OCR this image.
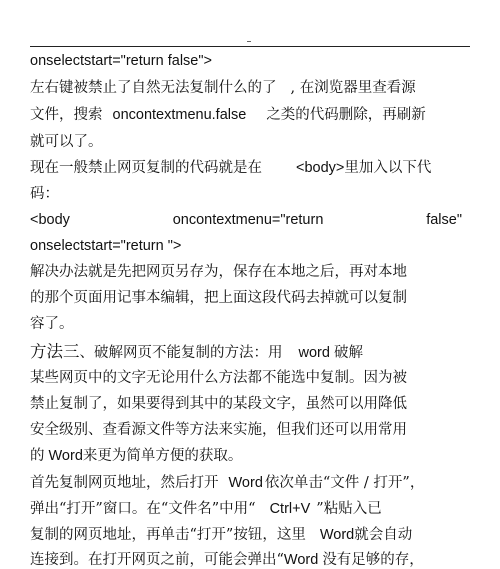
onselectstart="return false">
左右键被禁止了自然无法复制什么的了 , 在浏览器里查看源
文件，搜索 oncontextmenu.false 之类的代码删除，再刷新
就可以了。
现在一般禁止网页复制的代码就是在 <body>里加入以下代
码：
<body	oncontextmenu="return	false"
onselectstart="return ">
解决办法就是先把网页另存为，保存在本地之后，再对本地
的那个页面用记事本编辑，把上面这段代码去掉就可以复制
容了。
方法三、破解网页不能复制的方法：用 word 破解
某些网页中的文字无论用什么方法都不能选中复制。因为被
禁止复制了，如果要得到其中的某段文字，虽然可以用降低
安全级别、查看源文件等方法来实施，但我们还可以用常用
的 Word来更为简单方便的获取。
首先复制网页地址，然后打开 Word 依次单击“文件 / 打开”，
弹出“打开”窗口。在“文件名”中用“ Ctrl+V ”粘贴入已
复制的网页地址，再单击“打开”按钮，这里 Word就会自动
连接到。在打开网页之前，可能会弹出“Word 没有足够的存，
